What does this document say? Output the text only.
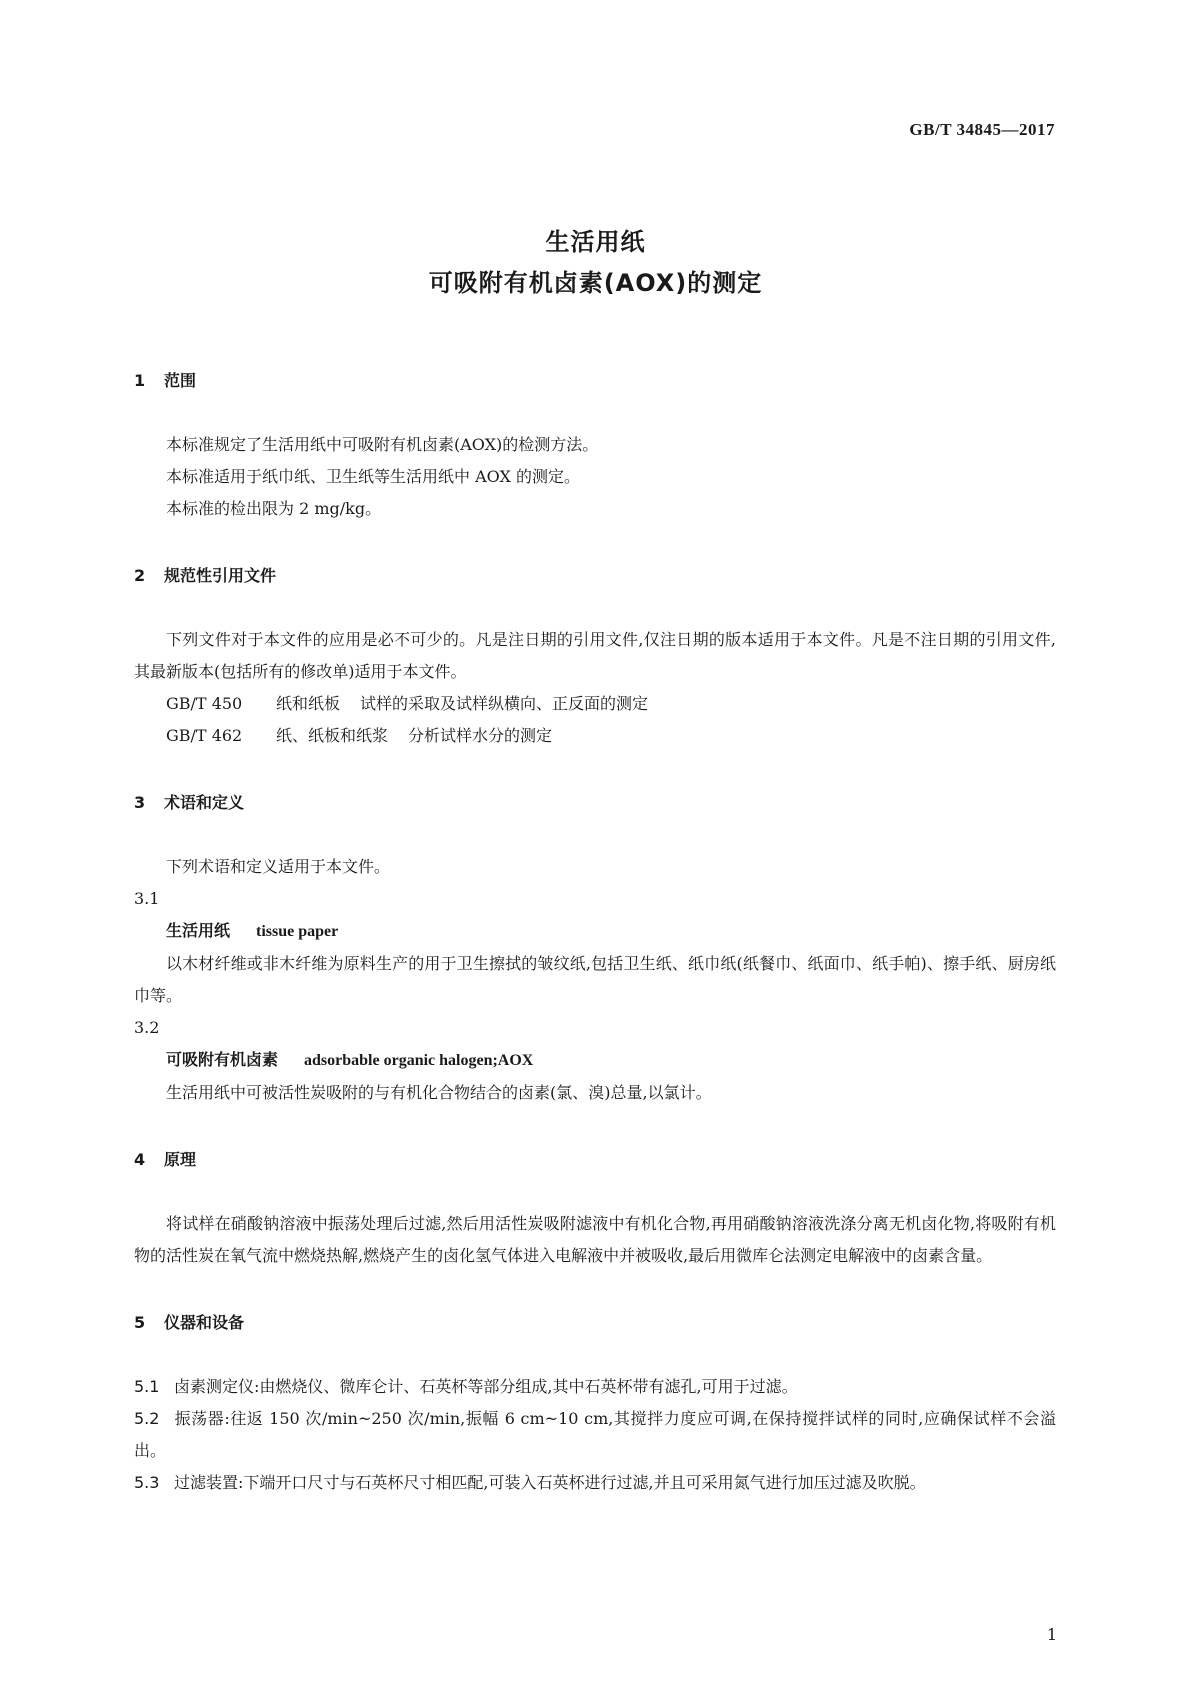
GB/T 34845—2017
生活用纸
可吸附有机卤素(AOX)的测定
1 范围

本标准规定了生活用纸中可吸附有机卤素(AOX)的检测方法。

本标准适用于纸巾纸、卫生纸等生活用纸中 AOX 的测定。

本标准的检出限为 2 mg/kg。

2 规范性引用文件

下列文件对于本文件的应用是必不可少的。凡是注日期的引用文件,仅注日期的版本适用于本文件。凡是不注日期的引用文件,其最新版本(包括所有的修改单)适用于本文件。

GB/T 450 纸和纸板 试样的采取及试样纵横向、正反面的测定

GB/T 462 纸、纸板和纸浆 分析试样水分的测定

3 术语和定义

下列术语和定义适用于本文件。

3.1

生活用纸 tissue paper

以木材纤维或非木纤维为原料生产的用于卫生擦拭的皱纹纸,包括卫生纸、纸巾纸(纸餐巾、纸面巾、纸手帕)、擦手纸、厨房纸巾等。

3.2

可吸附有机卤素 adsorbable organic halogen;AOX

生活用纸中可被活性炭吸附的与有机化合物结合的卤素(氯、溴)总量,以氯计。

4 原理

将试样在硝酸钠溶液中振荡处理后过滤,然后用活性炭吸附滤液中有机化合物,再用硝酸钠溶液洗涤分离无机卤化物,将吸附有机物的活性炭在氧气流中燃烧热解,燃烧产生的卤化氢气体进入电解液中并被吸收,最后用微库仑法测定电解液中的卤素含量。

5 仪器和设备

5.1 卤素测定仪:由燃烧仪、微库仑计、石英杯等部分组成,其中石英杯带有滤孔,可用于过滤。

5.2 振荡器:往返 150 次/min~250 次/min,振幅 6 cm~10 cm,其搅拌力度应可调,在保持搅拌试样的同时,应确保试样不会溢出。

5.3 过滤装置:下端开口尺寸与石英杯尺寸相匹配,可装入石英杯进行过滤,并且可采用氮气进行加压过滤及吹脱。

1
